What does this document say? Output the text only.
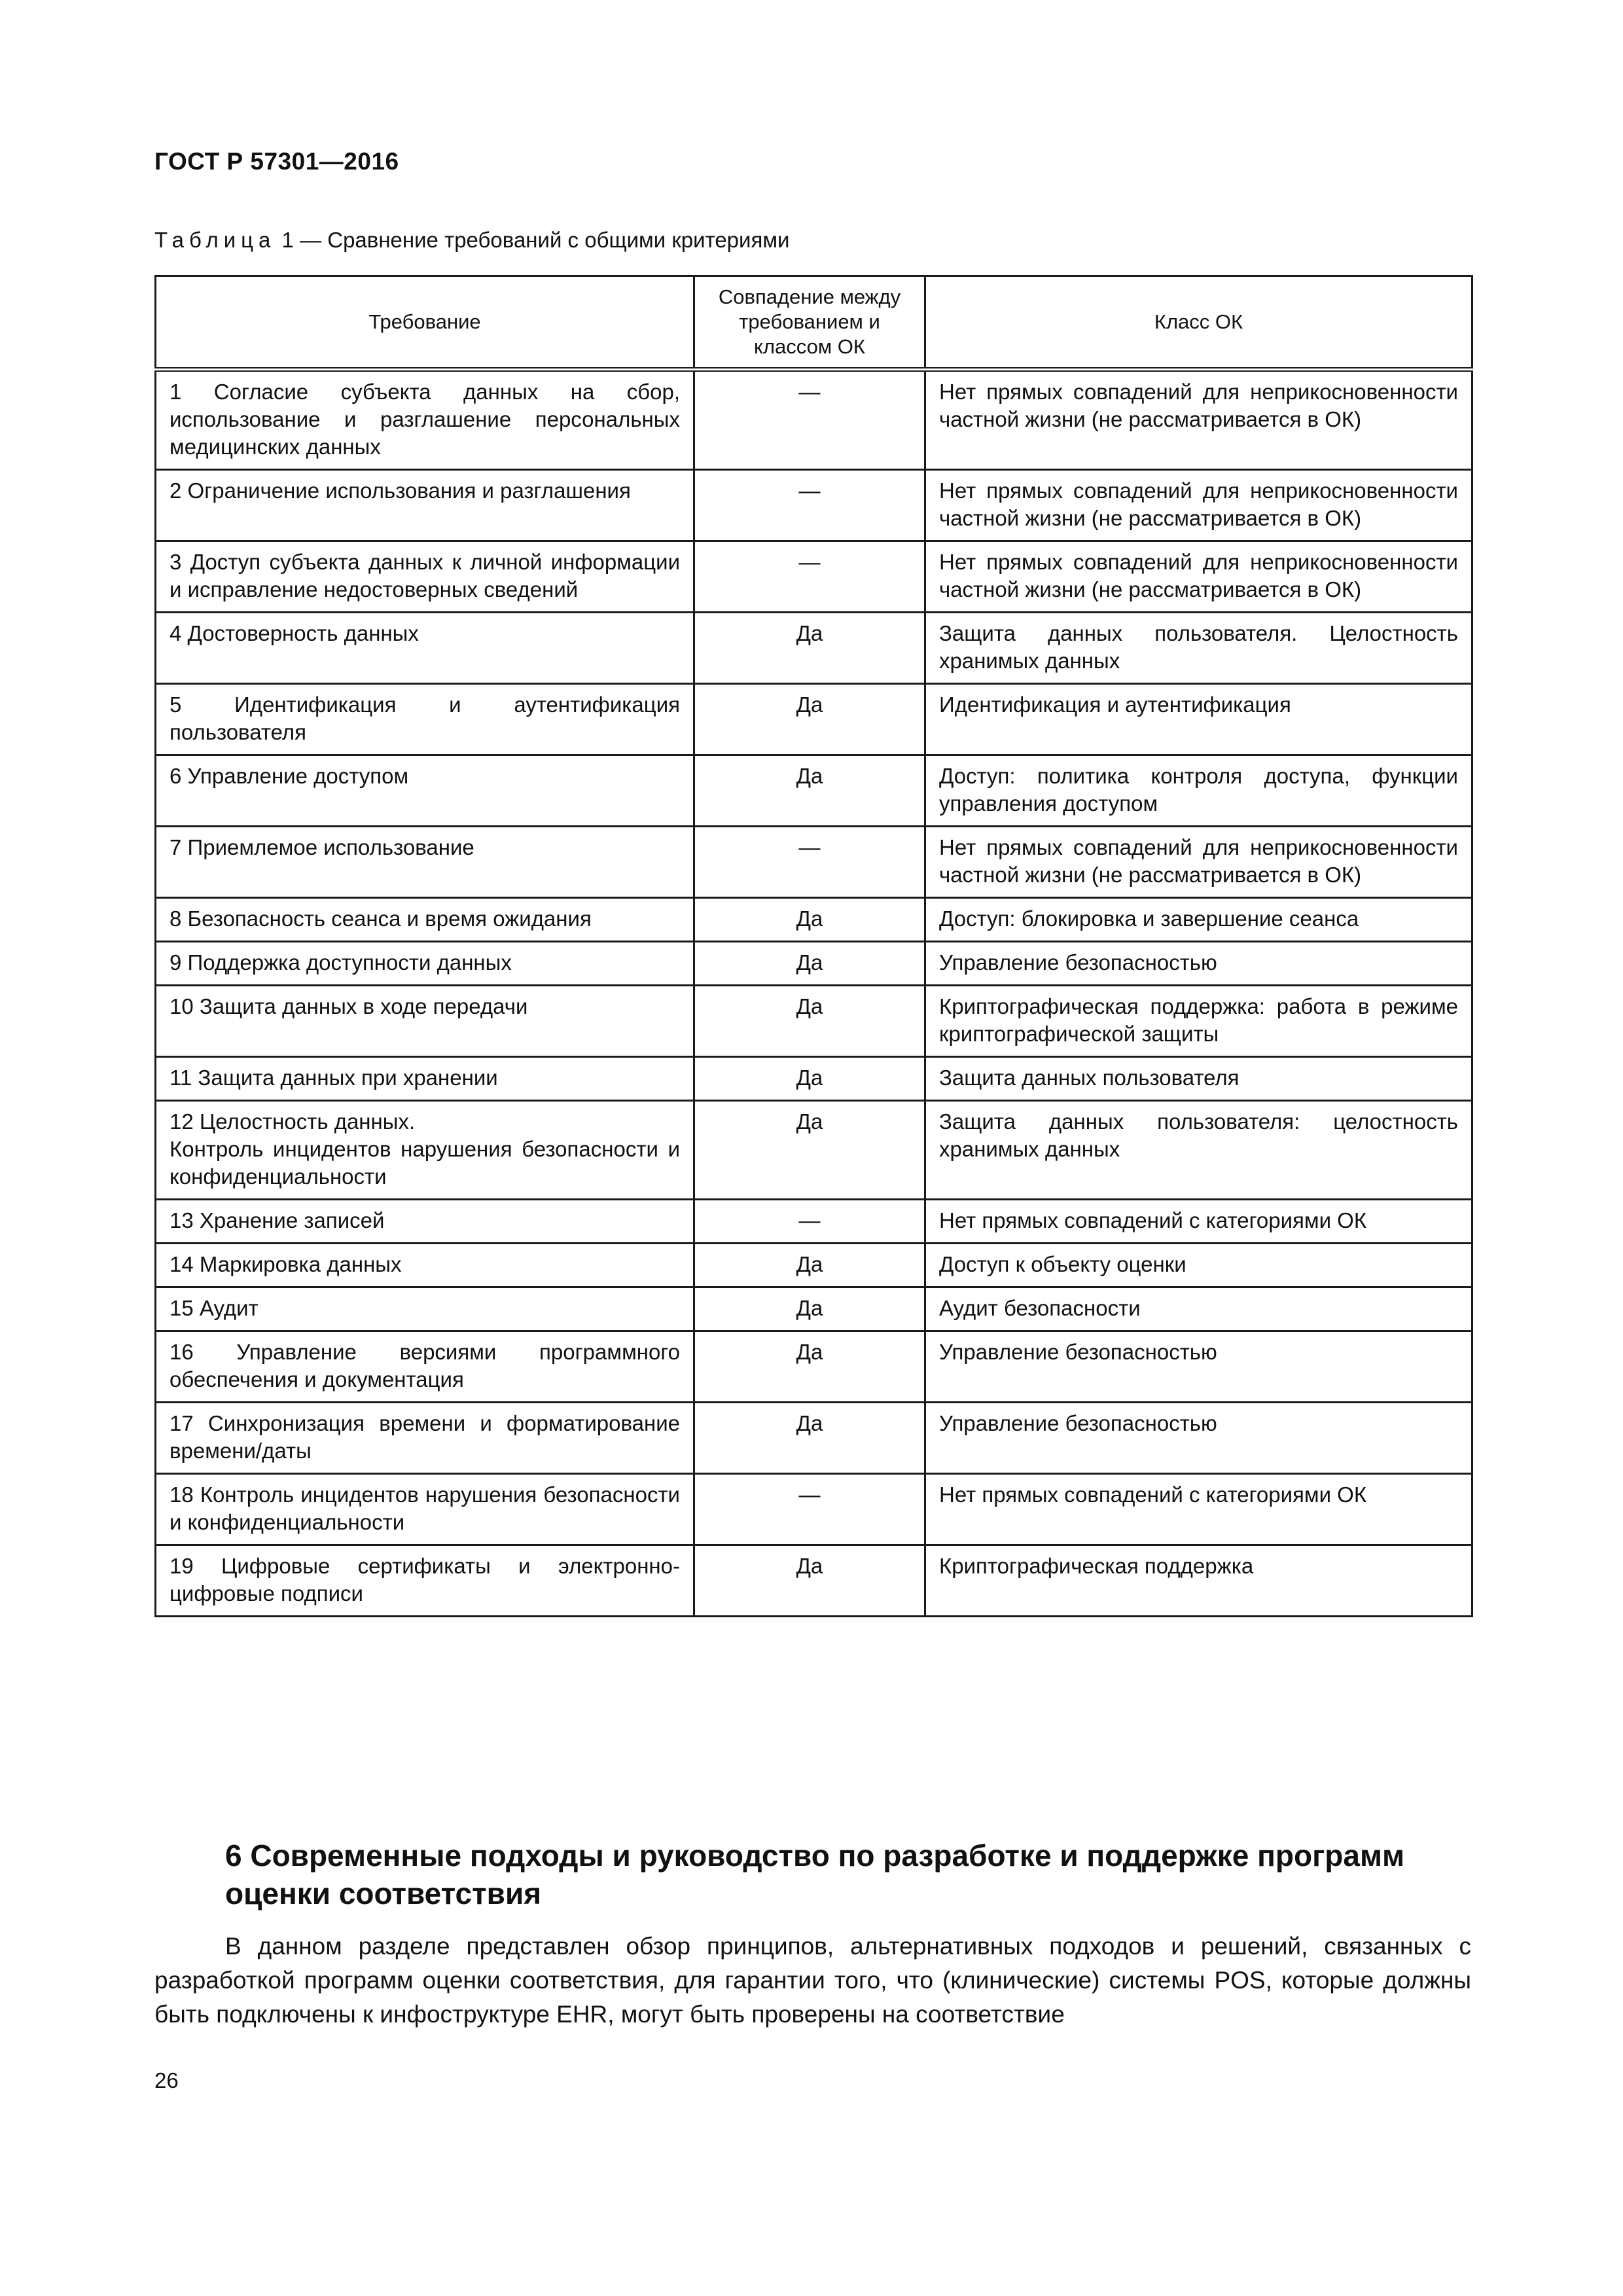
ГОСТ Р 57301—2016
Таблица 1 — Сравнение требований с общими критериями
Требование	Совпадение между требованием и классом ОК	Класс ОК
1 Согласие субъекта данных на сбор, использование и разглашение персональных медицинских данных	—	Нет прямых совпадений для неприкосновенности частной жизни (не рассматривается в ОК)
2 Ограничение использования и разглашения	—	Нет прямых совпадений для неприкосновенности частной жизни (не рассматривается в ОК)
3 Доступ субъекта данных к личной информации и исправление недостоверных сведений	—	Нет прямых совпадений для неприкосновенности частной жизни (не рассматривается в ОК)
4 Достоверность данных	Да	Защита данных пользователя. Целостность хранимых данных
5 Идентификация и аутентификация пользователя	Да	Идентификация и аутентификация
6 Управление доступом	Да	Доступ: политика контроля доступа, функции управления доступом
7 Приемлемое использование	—	Нет прямых совпадений для неприкосновенности частной жизни (не рассматривается в ОК)
8 Безопасность сеанса и время ожидания	Да	Доступ: блокировка и завершение сеанса
9 Поддержка доступности данных	Да	Управление безопасностью
10 Защита данных в ходе передачи	Да	Криптографическая поддержка: работа в режиме криптографической защиты
11 Защита данных при хранении	Да	Защита данных пользователя
12 Целостность данных.
Контроль инцидентов нарушения безопасности и конфиденциальности	Да	Защита данных пользователя: целостность хранимых данных
13 Хранение записей	—	Нет прямых совпадений с категориями ОК
14 Маркировка данных	Да	Доступ к объекту оценки
15 Аудит	Да	Аудит безопасности
16 Управление версиями программного обеспечения и документация	Да	Управление безопасностью
17 Синхронизация времени и форматирование времени/даты	Да	Управление безопасностью
18 Контроль инцидентов нарушения безопасности и конфиденциальности	—	Нет прямых совпадений с категориями ОК
19 Цифровые сертификаты и электронно-цифровые подписи	Да	Криптографическая поддержка
6 Современные подходы и руководство по разработке и поддержке программ оценки соответствия
В данном разделе представлен обзор принципов, альтернативных подходов и решений, связанных с разработкой программ оценки соответствия, для гарантии того, что (клинические) системы POS, которые должны быть подключены к инфоструктуре EHR, могут быть проверены на соответствие
26
